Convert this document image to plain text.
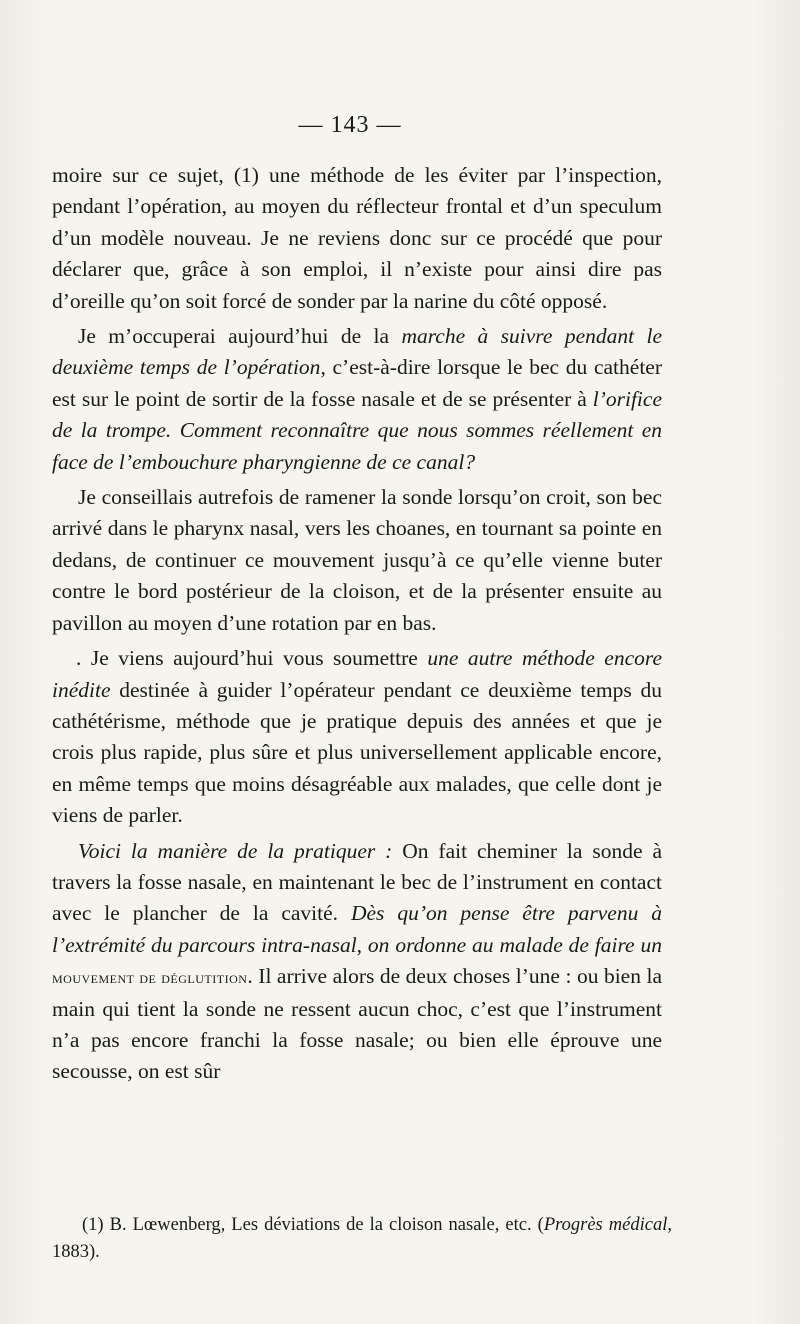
— 143 —

moire sur ce sujet, (1) une méthode de les éviter par l’inspection, pendant l’opération, au moyen du réflecteur frontal et d’un speculum d’un modèle nouveau. Je ne reviens donc sur ce procédé que pour déclarer que, grâce à son emploi, il n’existe pour ainsi dire pas d’oreille qu’on soit forcé de sonder par la narine du côté opposé.

Je m’occuperai aujourd’hui de la marche à suivre pendant le deuxième temps de l’opération, c’est-à-dire lorsque le bec du cathéter est sur le point de sortir de la fosse nasale et de se présenter à l’orifice de la trompe. Comment reconnaître que nous sommes réellement en face de l’embouchure pharyngienne de ce canal?

Je conseillais autrefois de ramener la sonde lorsqu’on croit, son bec arrivé dans le pharynx nasal, vers les choanes, en tournant sa pointe en dedans, de continuer ce mouvement jusqu’à ce qu’elle vienne buter contre le bord postérieur de la cloison, et de la présenter ensuite au pavillon au moyen d’une rotation par en bas.

. Je viens aujourd’hui vous soumettre une autre méthode encore inédite destinée à guider l’opérateur pendant ce deuxième temps du cathétérisme, méthode que je pratique depuis des années et que je crois plus rapide, plus sûre et plus universellement applicable encore, en même temps que moins désagréable aux malades, que celle dont je viens de parler.

Voici la manière de la pratiquer : On fait cheminer la sonde à travers la fosse nasale, en maintenant le bec de l’instrument en contact avec le plancher de la cavité. Dès qu’on pense être parvenu à l’extrémité du parcours intra-nasal, on ordonne au malade de faire un mouvement de déglutition. Il arrive alors de deux choses l’une : ou bien la main qui tient la sonde ne ressent aucun choc, c’est que l’instrument n’a pas encore franchi la fosse nasale; ou bien elle éprouve une secousse, on est sûr

(1) B. Lœwenberg, Les déviations de la cloison nasale, etc. (Progrès médical, 1883).
